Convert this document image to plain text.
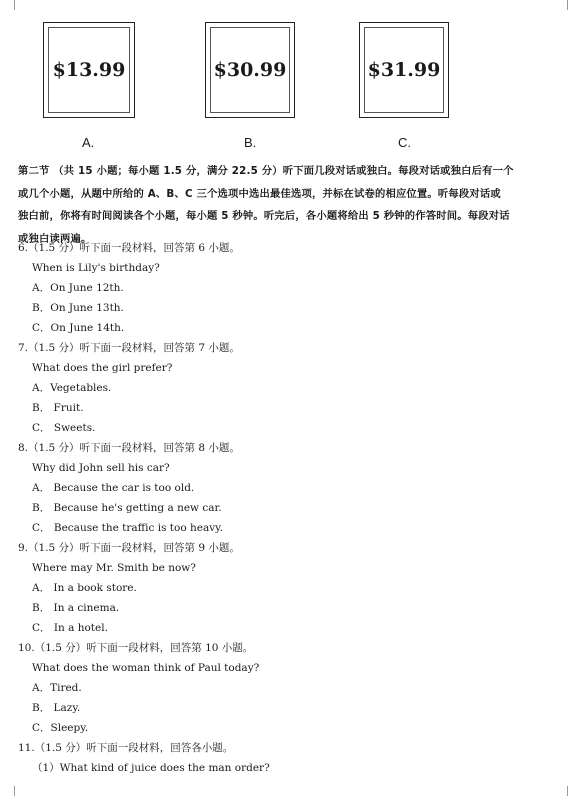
$13.99	$30.99	$31.99
A.	B.	C.
第二节 （共 15 小题；每小题 1.5 分，满分 22.5 分）听下面几段对话或独白。每段对话或独白后有一个
或几个小题，从题中所给的 A、B、C 三个选项中选出最佳选项，并标在试卷的相应位置。听每段对话或
独白前，你将有时间阅读各个小题，每小题 5 秒钟。听完后，各小题将给出 5 秒钟的作答时间。每段对话
或独白读两遍。
6.（1.5 分）听下面一段材料，回答第 6 小题。
When is Lily's birthday?
A．On June 12th.
B．On June 13th.
C．On June 14th.
7.（1.5 分）听下面一段材料，回答第 7 小题。
What does the girl prefer?
A．Vegetables.
B． Fruit.
C． Sweets.
8.（1.5 分）听下面一段材料，回答第 8 小题。
Why did John sell his car?
A． Because the car is too old.
B． Because he's getting a new car.
C． Because the traffic is too heavy.
9.（1.5 分）听下面一段材料，回答第 9 小题。
Where may Mr. Smith be now?
A． In a book store.
B． In a cinema.
C． In a hotel.
10.（1.5 分）听下面一段材料，回答第 10 小题。
What does the woman think of Paul today?
A．Tired.
B． Lazy.
C．Sleepy.
11.（1.5 分）听下面一段材料，回答各小题。
（1）What kind of juice does the man order?
